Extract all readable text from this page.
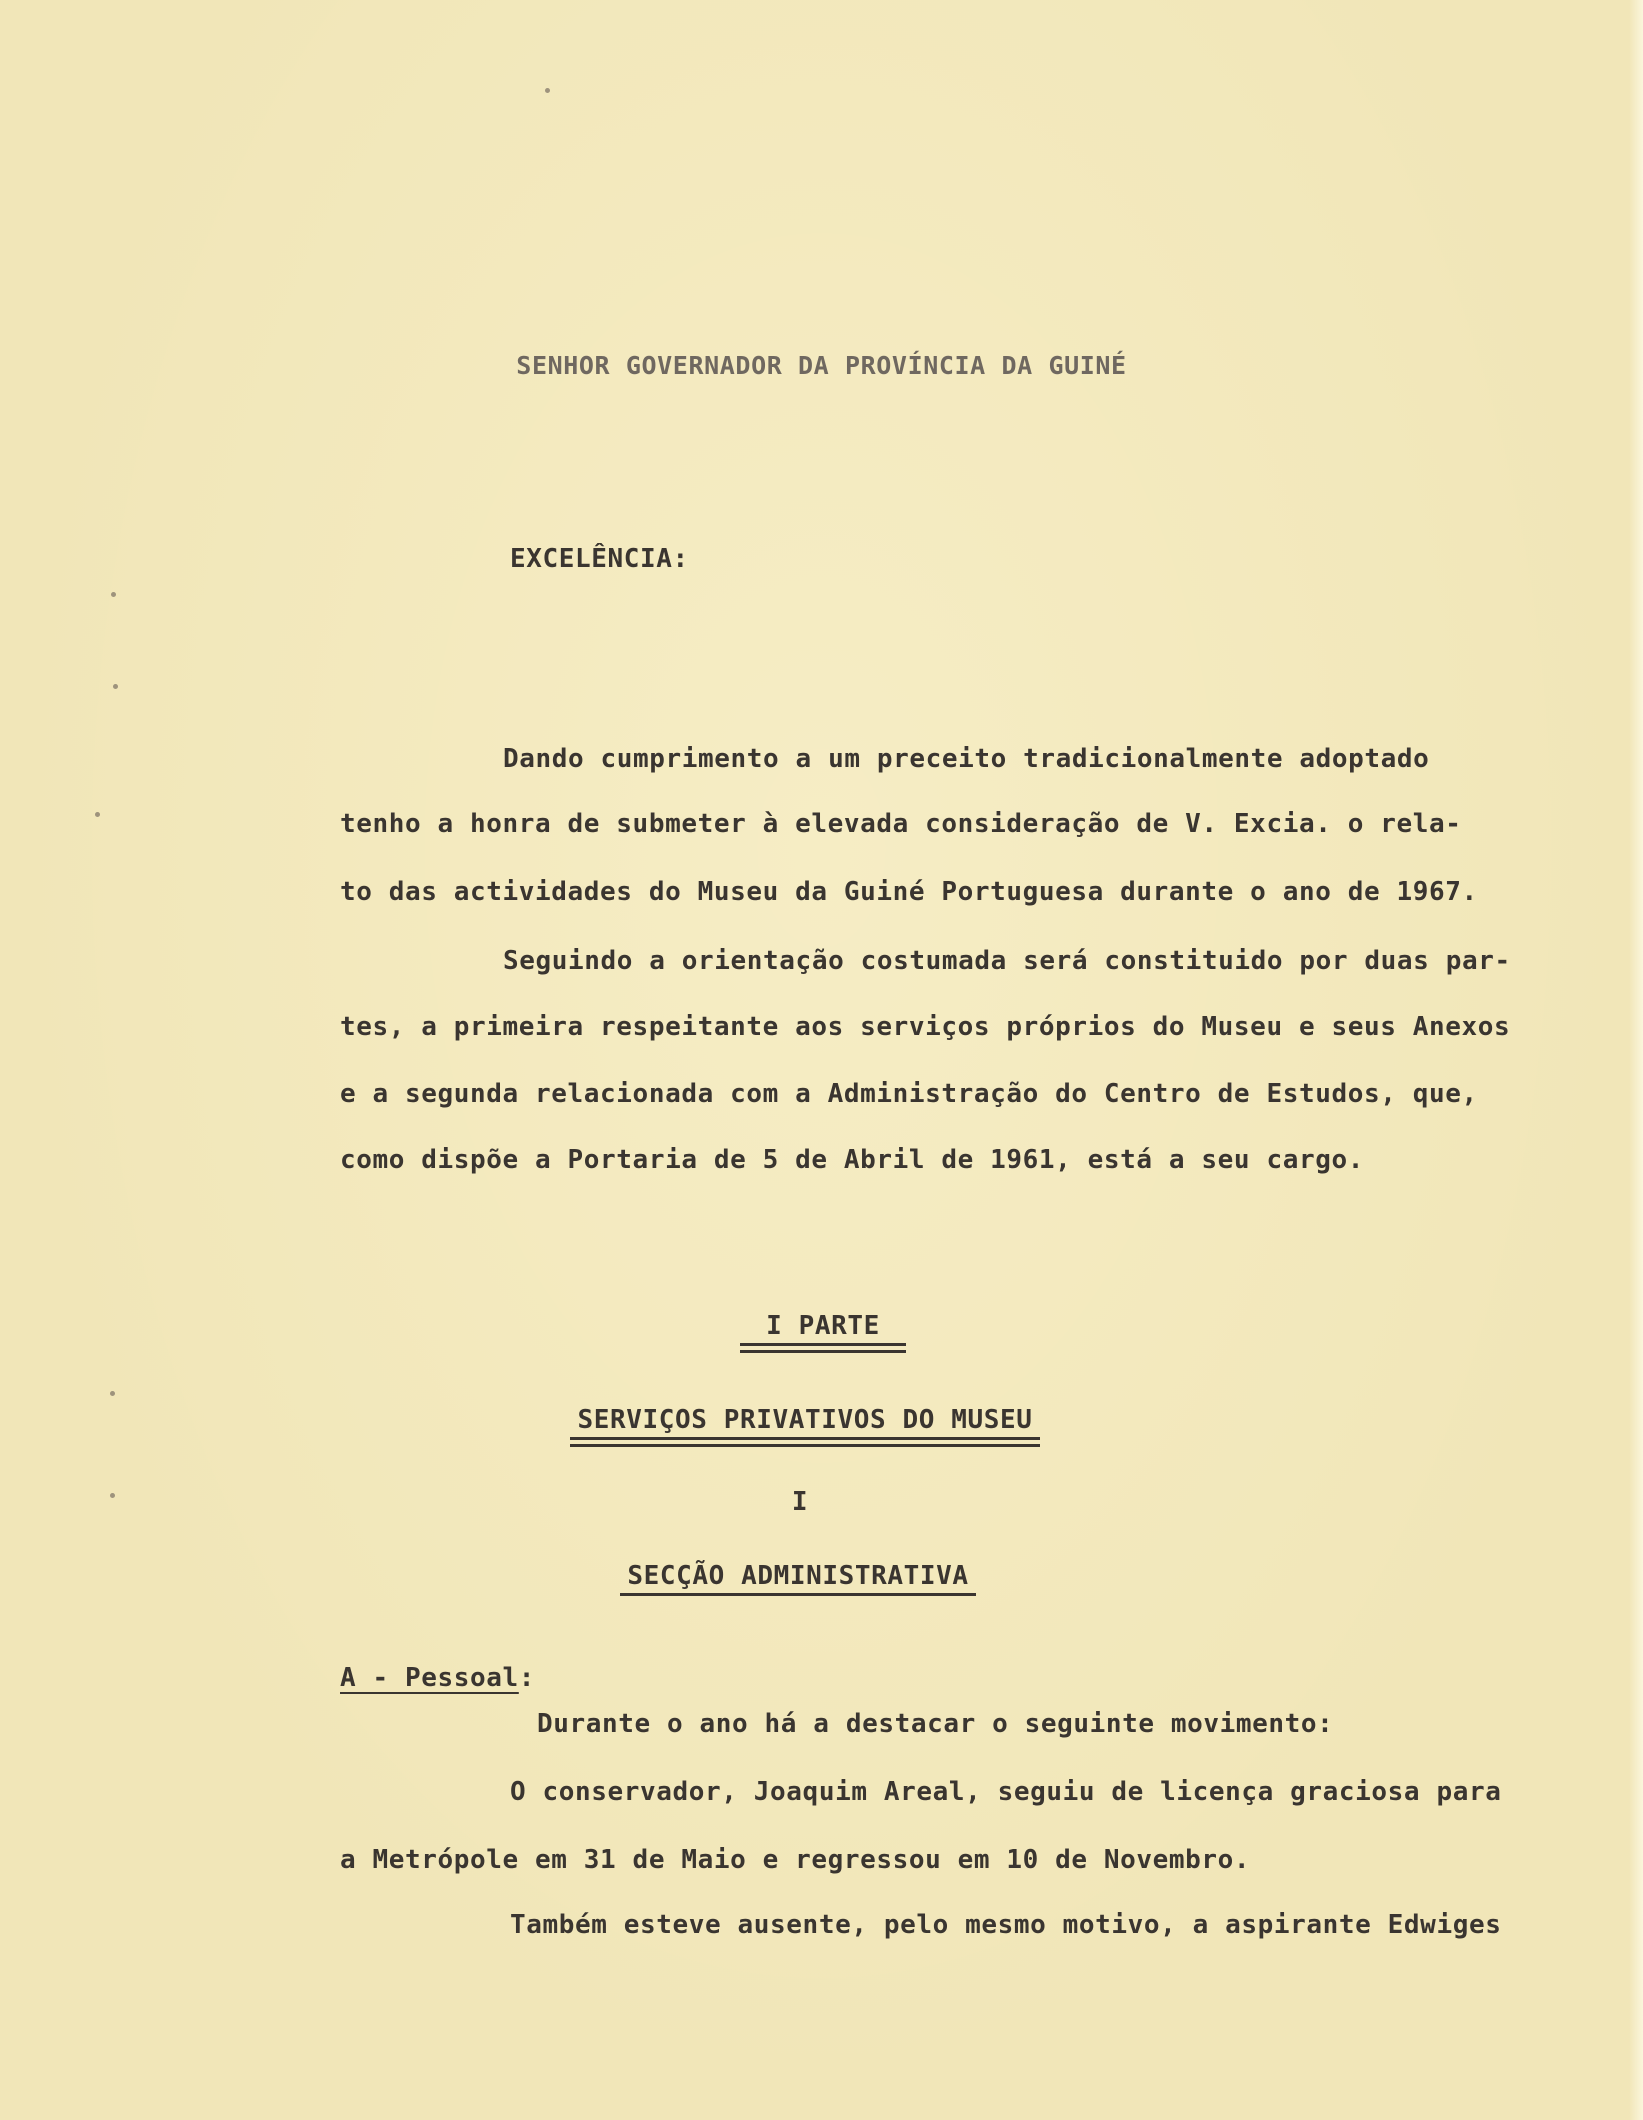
SENHOR GOVERNADOR DA PROVÍNCIA DA GUINÉ
EXCELÊNCIA:
Dando cumprimento a um preceito tradicionalmente adoptado
tenho a honra de submeter à elevada consideração de V. Excia. o rela-
to das actividades do Museu da Guiné Portuguesa durante o ano de 1967.
Seguindo a orientação costumada será constituido por duas par-
tes, a primeira respeitante aos serviços próprios do Museu e seus Anexos
e a segunda relacionada com a Administração do Centro de Estudos, que,
como dispõe a Portaria de 5 de Abril de 1961, está a seu cargo.
I PARTE
SERVIÇOS PRIVATIVOS DO MUSEU
I
SECÇÃO ADMINISTRATIVA
A - Pessoal:
Durante o ano há a destacar o seguinte movimento:
O conservador, Joaquim Areal, seguiu de licença graciosa para
a Metrópole em 31 de Maio e regressou em 10 de Novembro.
Também esteve ausente, pelo mesmo motivo, a aspirante Edwiges
